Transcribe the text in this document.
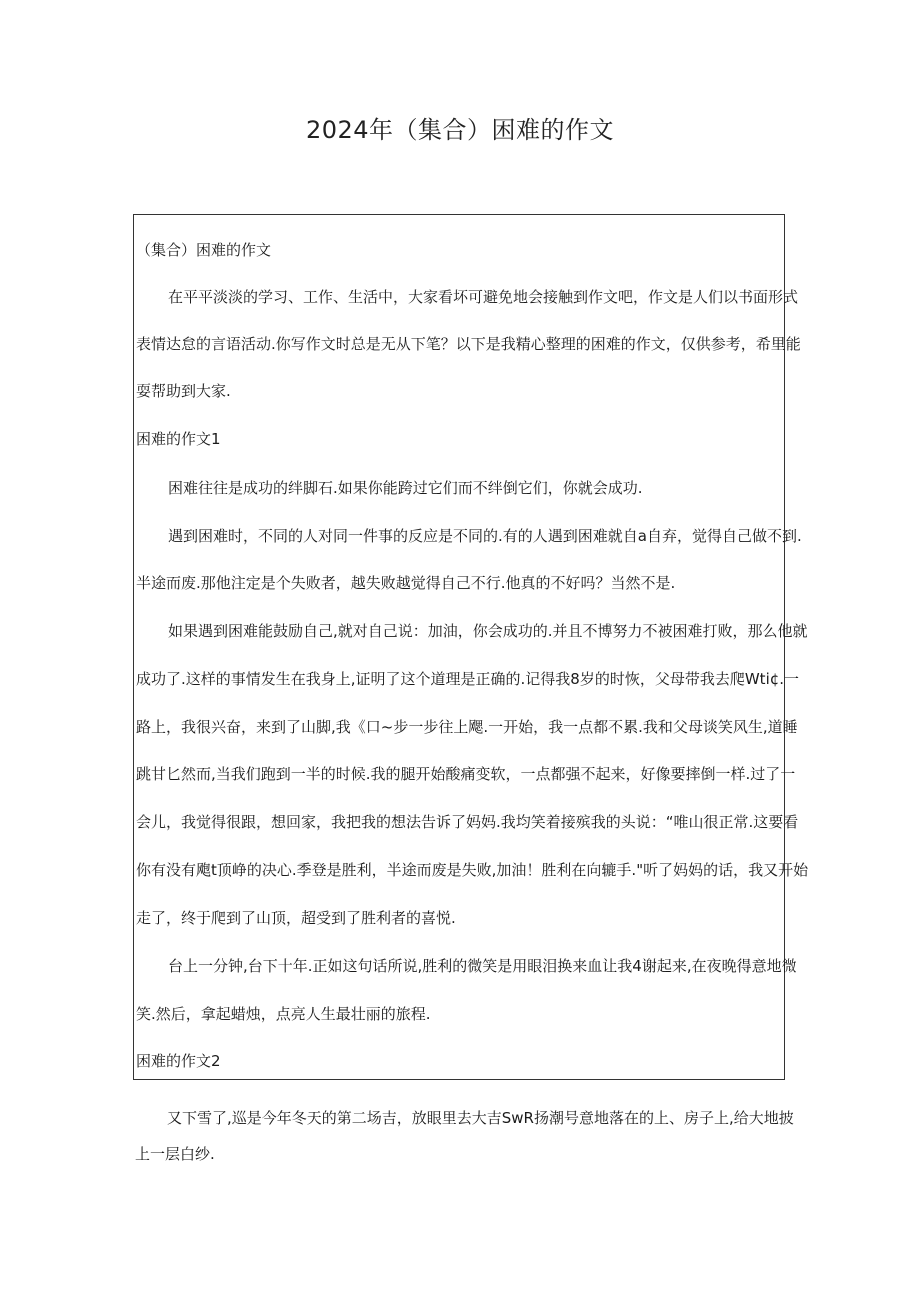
2024年（集合）困难的作文
（集合）困难的作文
在平平淡淡的学习、工作、生活中，大家看坏可避免地会接触到作文吧，作文是人们以书面形式
表情达怠的言语活动.你写作文时总是无从下笔？以下是我精心整理的困难的作文，仅供参考，希里能
耍帮助到大家.
困难的作文1
困难往往是成功的绊脚石.如果你能跨过它们而不绊倒它们，你就会成功.
遇到困难时，不同的人对同一件事的反应是不同的.有的人遇到困难就自a自弃，觉得自己做不到.
半途而废.那他注定是个失败者，越失败越觉得自己不行.他真的不好吗？当然不是.
如果遇到困难能鼓励自己,就对自己说：加油，你会成功的.并且不博努力不被困难打败，那么他就
成功了.这样的事情发生在我身上,证明了这个道理是正确的.记得我8岁的时恢，父母带我去爬Wti¢.一
路上，我很兴奋，来到了山脚,我《口~步一步往上飔.一开始，我一点都不累.我和父母谈笑风生,道睡
跳甘匕然而,当我们跑到一半的时候.我的腿开始酸痛变软，一点都强不起来，好像要摔倒一样.过了一
会儿，我觉得很跟，想回家，我把我的想法告诉了妈妈.我均笑着接殡我的头说：“唯山很正常.这要看
你有没有飑t顶峥的决心.季登是胜利，半途而废是失败,加油！胜利在向辘手."听了妈妈的话，我又开始
走了，终于爬到了山顶，超受到了胜利者的喜悦.
台上一分钟,台下十年.正如这句话所说,胜利的微笑是用眼泪换来血让我4谢起来,在夜晚得意地微
笑.然后，拿起蜡烛，点亮人生最壮丽的旅程.
困难的作文2
又下雪了,巡是今年冬天的第二场吉，放眼里去大吉SwR扬潮号意地落在的上、房子上,给大地披
上一层白纱.
